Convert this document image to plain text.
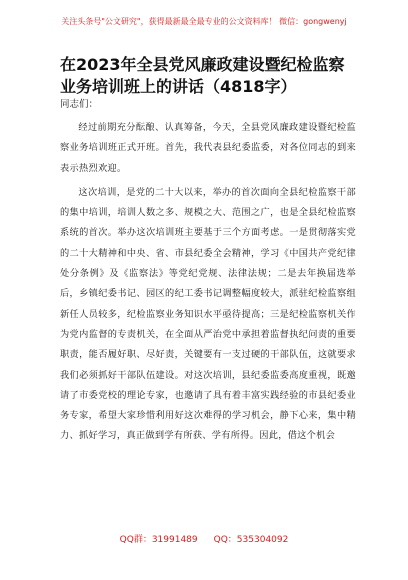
关注头条号"公文研究"，获得最新最全最专业的公文资料库！ 微信：gongwenyj
在2023年全县党风廉政建设暨纪检监察业务培训班上的讲话（4818字）
同志们：

经过前期充分酝酿、认真筹备，今天，全县党风廉政建设暨纪检监察业务培训班正式开班。首先，我代表县纪委监委，对各位同志的到来表示热烈欢迎。

这次培训，是党的二十大以来，举办的首次面向全县纪检监察干部的集中培训，培训人数之多、规模之大、范围之广，也是全县纪检监察系统的首次。举办这次培训班主要基于三个方面考虑。一是贯彻落实党的二十大精神和中央、省、市县纪委全会精神，学习《中国共产党纪律处分条例》及《监察法》等党纪党规、法律法规；二是去年换届选举后，乡镇纪委书记、园区的纪工委书记调整幅度较大，派驻纪检监察组新任人员较多，纪检监察业务知识水平亟待提高；三是纪检监察机关作为党内监督的专责机关，在全面从严治党中承担着监督执纪问责的重要职责，能否履好职、尽好责，关键要有一支过硬的干部队伍，这就要求我们必须抓好干部队伍建设。对这次培训，县纪委监委高度重视，既邀请了市委党校的理论专家，也邀请了具有着丰富实践经验的市县纪委业务专家，希望大家珍惜利用好这次难得的学习机会，静下心来，集中精力、抓好学习，真正做到学有所获、学有所得。因此，借这个机会

QQ群：31991489 QQ：535304092
